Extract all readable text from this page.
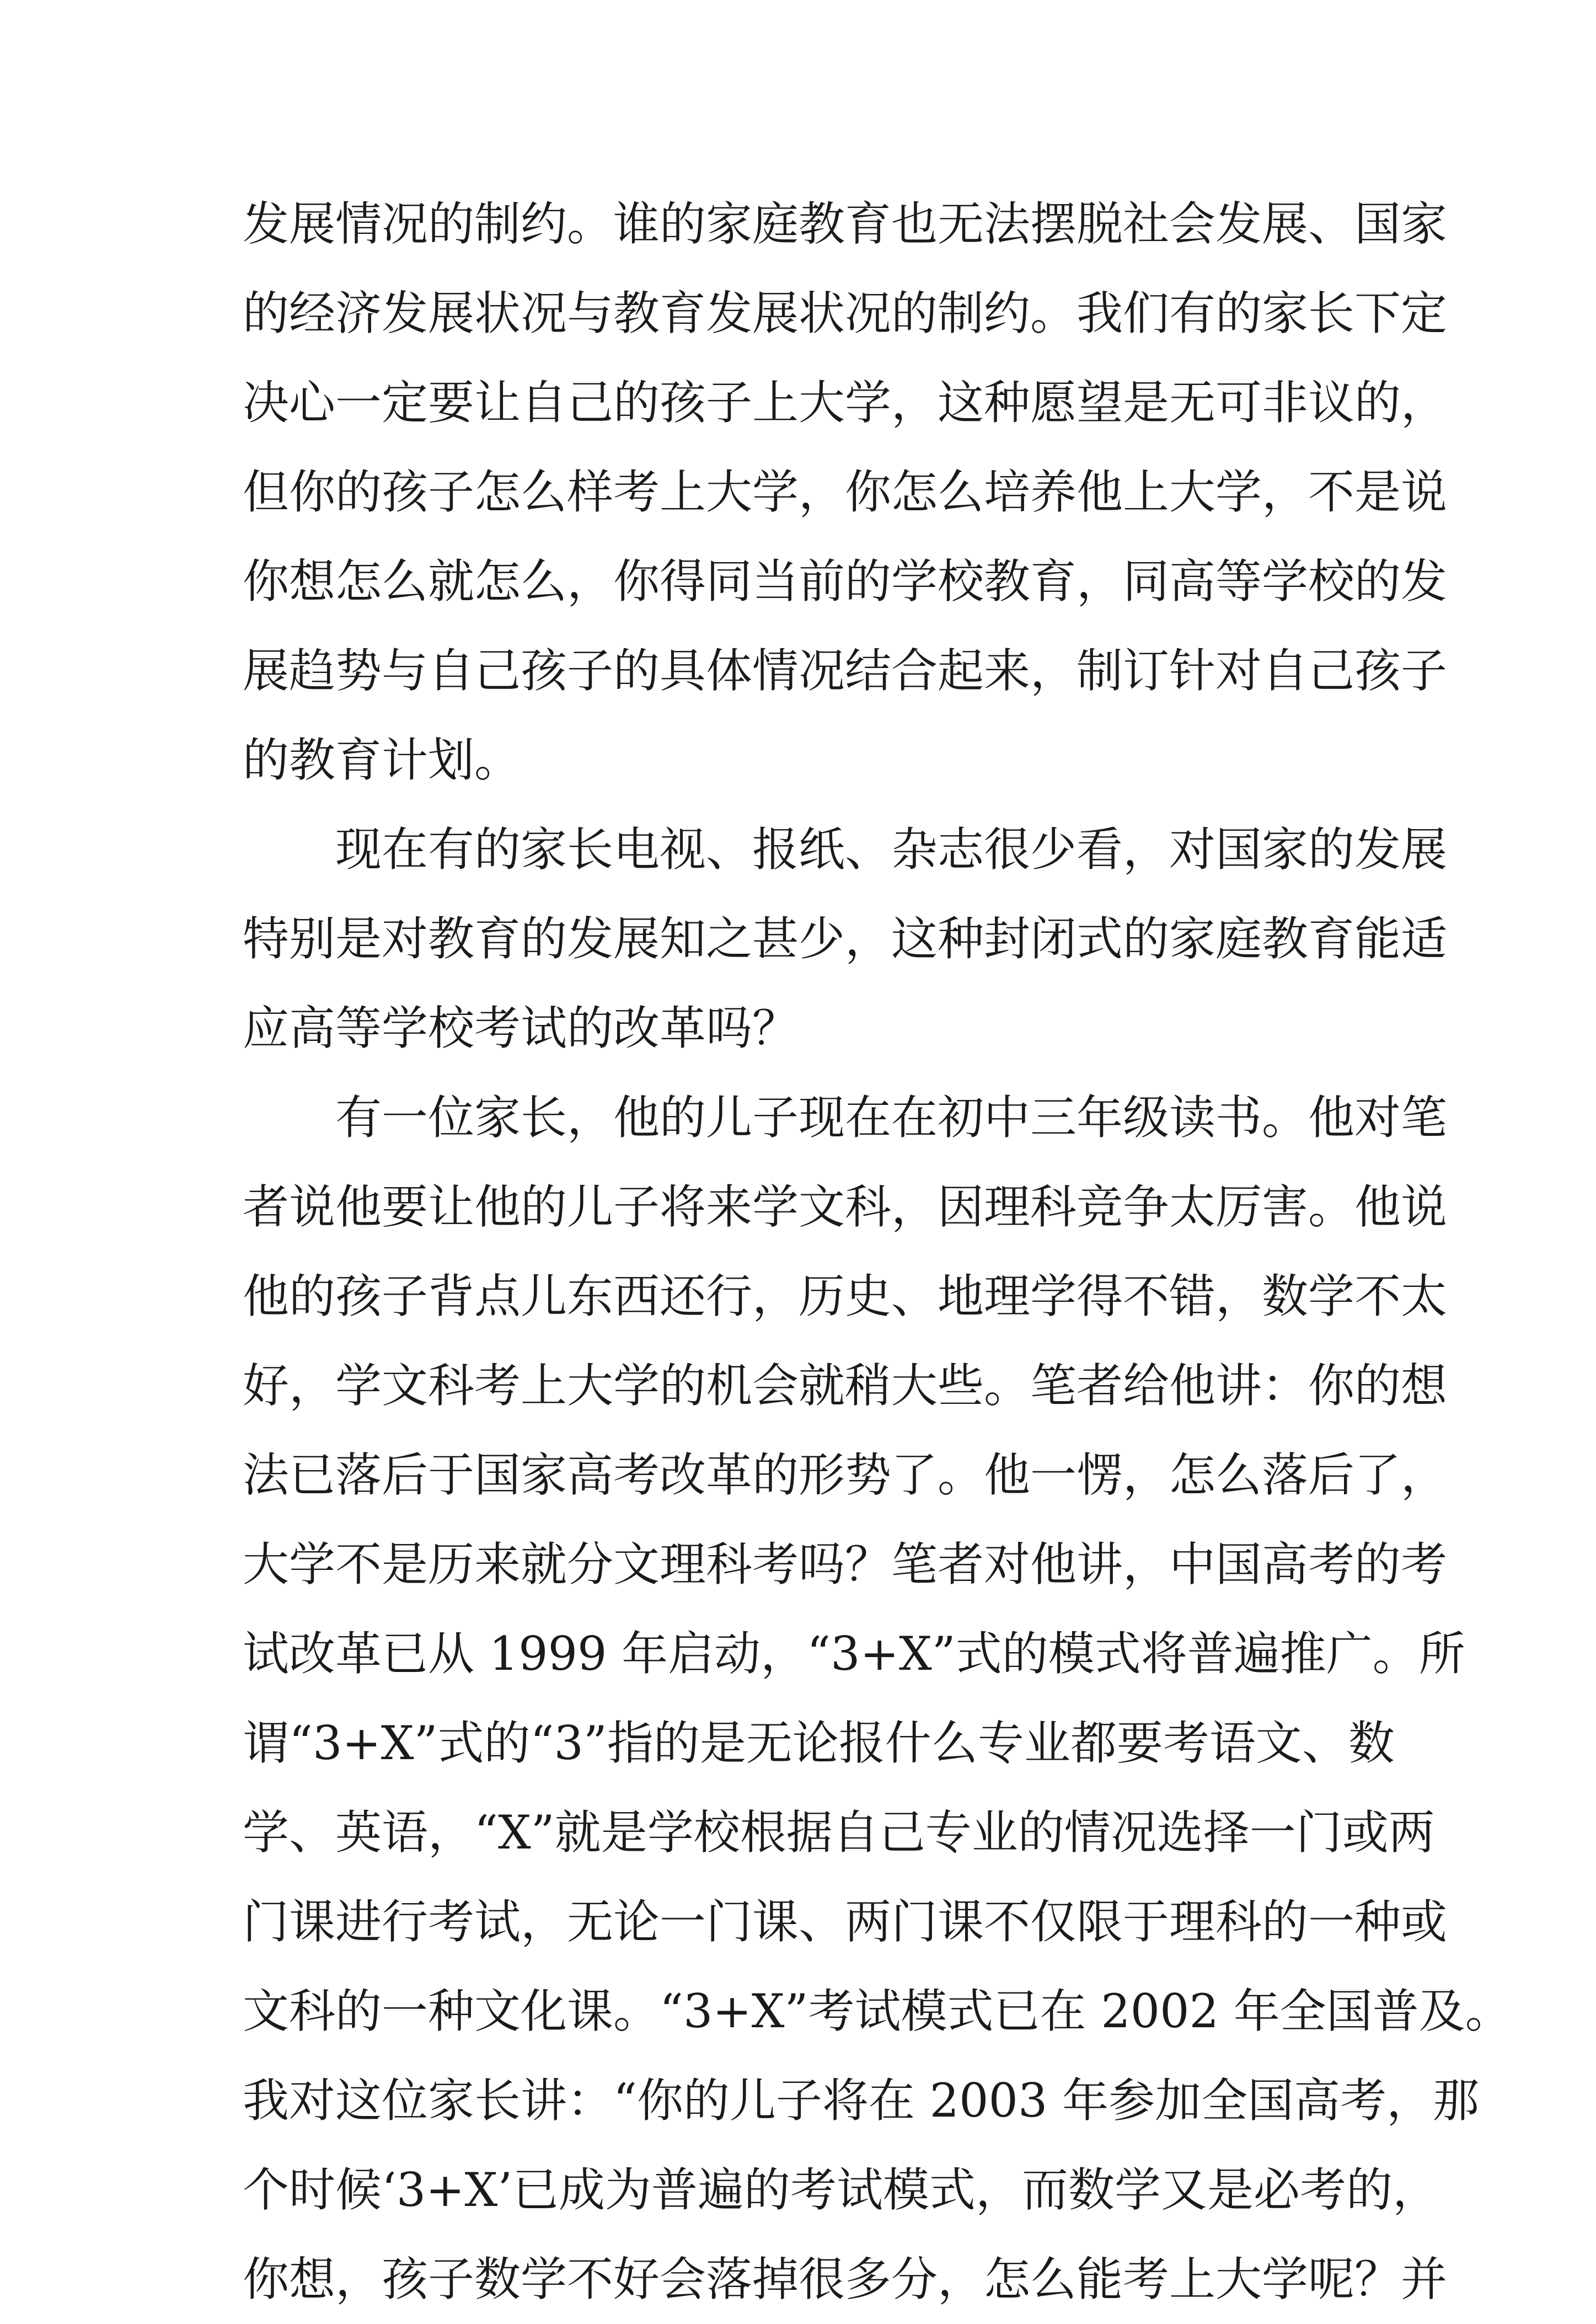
发展情况的制约。谁的家庭教育也无法摆脱社会发展、国家
的经济发展状况与教育发展状况的制约。我们有的家长下定
决心一定要让自己的孩子上大学，这种愿望是无可非议的，
但你的孩子怎么样考上大学，你怎么培养他上大学，不是说
你想怎么就怎么，你得同当前的学校教育，同高等学校的发
展趋势与自己孩子的具体情况结合起来，制订针对自己孩子
的教育计划。
现在有的家长电视、报纸、杂志很少看，对国家的发展
特别是对教育的发展知之甚少，这种封闭式的家庭教育能适
应高等学校考试的改革吗？
有一位家长，他的儿子现在在初中三年级读书。他对笔
者说他要让他的儿子将来学文科，因理科竞争太厉害。他说
他的孩子背点儿东西还行，历史、地理学得不错，数学不太
好，学文科考上大学的机会就稍大些。笔者给他讲：你的想
法已落后于国家高考改革的形势了。他一愣，怎么落后了，
大学不是历来就分文理科考吗？笔者对他讲，中国高考的考
试改革已从 1999 年启动，“3+X”式的模式将普遍推广。所
谓“3+X”式的“3”指的是无论报什么专业都要考语文、数
学、英语，“X”就是学校根据自己专业的情况选择一门或两
门课进行考试，无论一门课、两门课不仅限于理科的一种或
文科的一种文化课。“3+X”考试模式已在 2002 年全国普及。
我对这位家长讲：“你的儿子将在 2003 年参加全国高考，那
个时候‘3+X’已成为普遍的考试模式，而数学又是必考的，
你想，孩子数学不好会落掉很多分，怎么能考上大学呢？并
